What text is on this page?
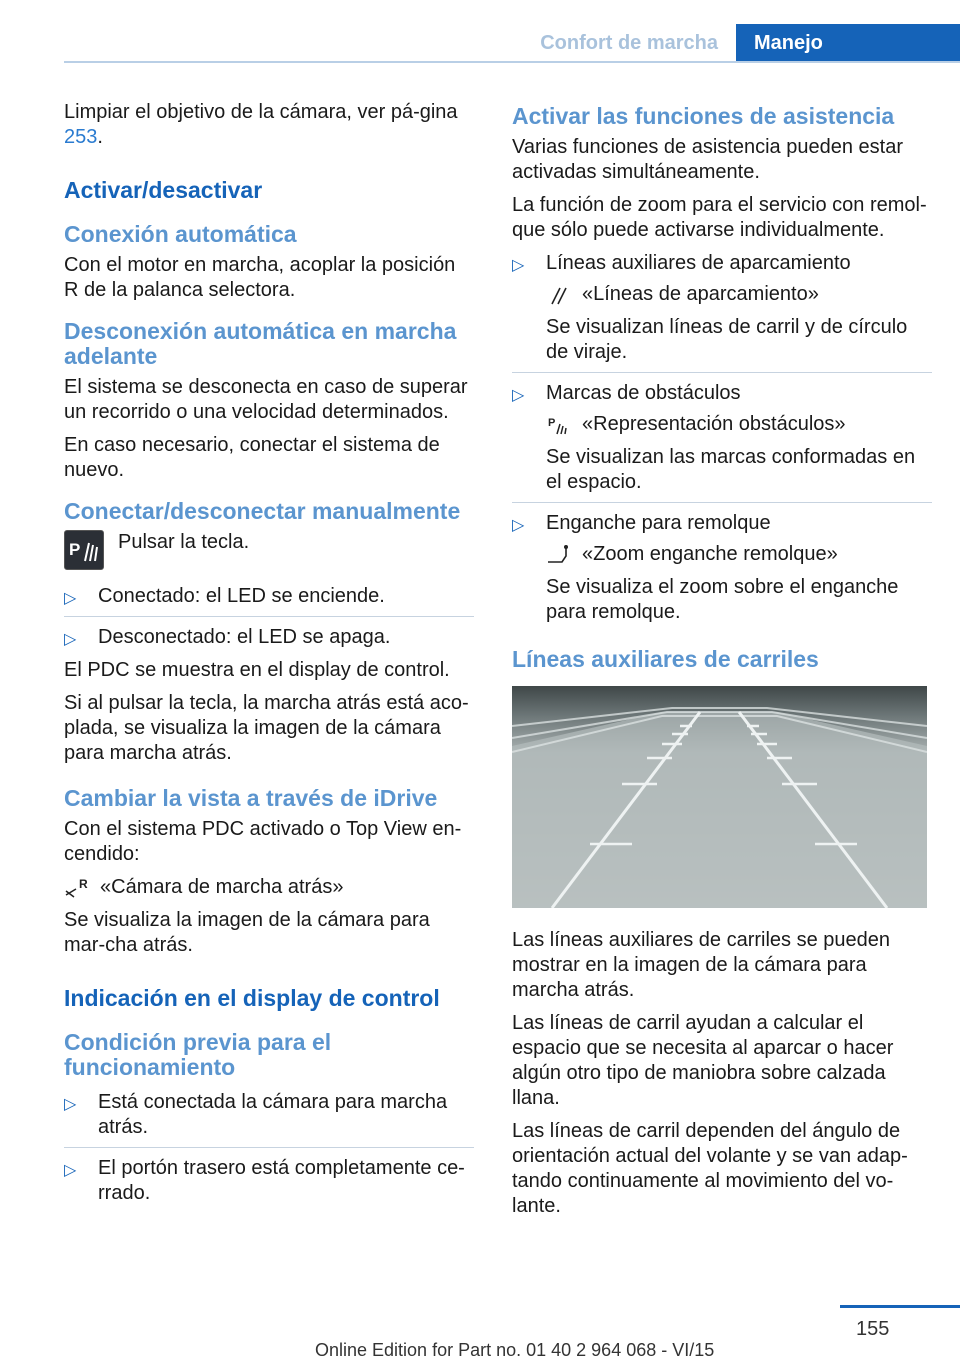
Confort de marcha	Manejo

Limpiar el objetivo de la cámara, ver pá‐gina 253.

Activar/desactivar
Conexión automática

Con el motor en marcha, acoplar la posición R de la palanca selectora.

Desconexión automática en marcha adelante

El sistema se desconecta en caso de superar un recorrido o una velocidad determinados.

En caso necesario, conectar el sistema de nuevo.

Conectar/desconectar manualmente
P Pulsar la tecla.
▷ Conectado: el LED se enciende.
▷ Desconectado: el LED se apaga.

El PDC se muestra en el display de control.

Si al pulsar la tecla, la marcha atrás está aco‐plada, se visualiza la imagen de la cámara para marcha atrás.

Cambiar la vista a través de iDrive

Con el sistema PDC activado o Top View en‐cendido:

R «Cámara de marcha atrás»

Se visualiza la imagen de la cámara para mar‐cha atrás.

Indicación en el display de control
Condición previa para el funcionamiento
▷ Está conectada la cámara para marcha atrás.
▷ El portón trasero está completamente ce‐rrado.
Activar las funciones de asistencia

Varias funciones de asistencia pueden estar activadas simultáneamente.

La función de zoom para el servicio con remol‐que sólo puede activarse individualmente.

▷ Líneas auxiliares de aparcamiento
«Líneas de aparcamiento»
Se visualizan líneas de carril y de círculo de viraje.
▷ Marcas de obstáculos
P «Representación obstáculos»
Se visualizan las marcas conformadas en el espacio.
▷ Enganche para remolque
«Zoom enganche remolque»
Se visualiza el zoom sobre el enganche para remolque.
Líneas auxiliares de carriles

Las líneas auxiliares de carriles se pueden mostrar en la imagen de la cámara para marcha atrás.

Las líneas de carril ayudan a calcular el espacio que se necesita al aparcar o hacer algún otro tipo de maniobra sobre calzada llana.

Las líneas de carril dependen del ángulo de orientación actual del volante y se van adap‐tando continuamente al movimiento del vo‐lante.

155
Online Edition for Part no. 01 40 2 964 068 - VI/15
